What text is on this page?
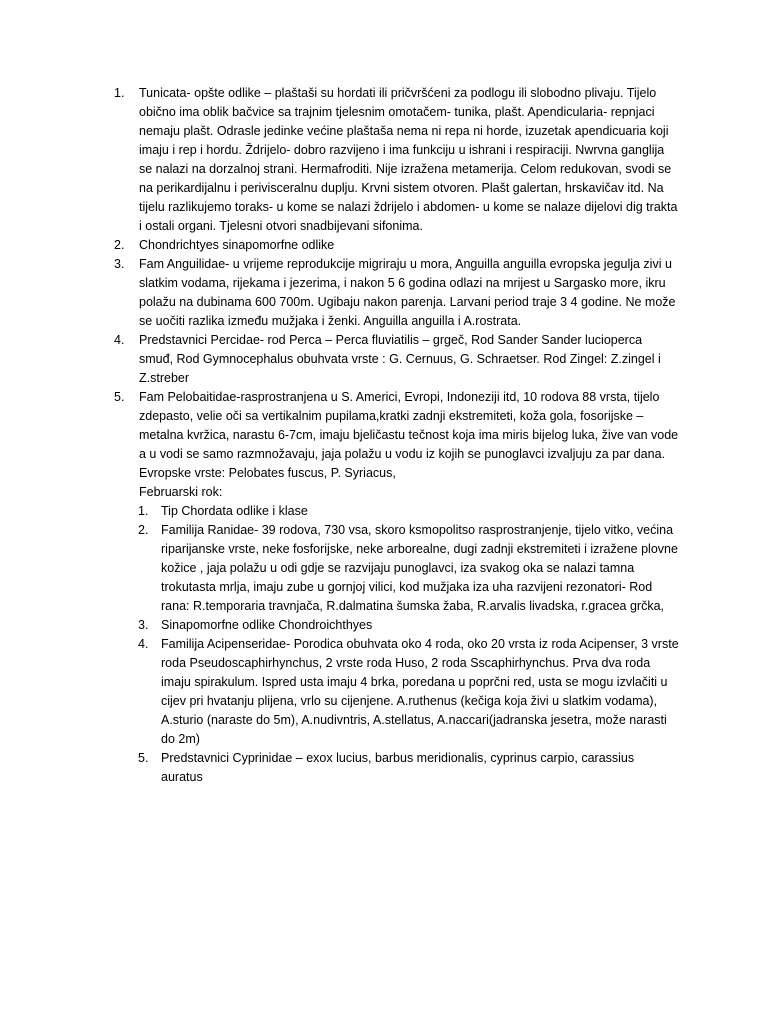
1. Tunicata- opšte odlike – plaštaši su hordati ili pričvršćeni za podlogu ili slobodno plivaju. Tijelo obično ima oblik bačvice sa trajnim tjelesnim omotačem- tunika, plašt. Apendicularia- repnjaci nemaju plašt. Odrasle jedinke većine plaštaša nema ni repa ni horde, izuzetak apendicuaria koji imaju i rep i hordu. Ždrijelo- dobro razvijeno i ima funkciju u ishrani i respiraciji. Nwrvna ganglija se nalazi na dorzalnoj strani. Hermafroditi. Nije izražena metamerija. Celom redukovan, svodi se na perikardijalnu i perivisceralnu duplju. Krvni sistem otvoren. Plašt galertan, hrskavičav itd. Na tijelu razlikujemo toraks- u kome se nalazi ždrijelo i abdomen- u kome se nalaze dijelovi dig trakta i ostali organi. Tjelesni otvori snadbijevani sifonima.
2. Chondrichtyes sinapomorfne odlike
3. Fam Anguilidae- u vrijeme reprodukcije migriraju u mora, Anguilla anguilla evropska jegulja zivi u slatkim vodama, rijekama i jezerima, i nakon 5 6 godina odlazi na mrijest u Sargasko more, ikru polažu na dubinama 600 700m. Ugibaju nakon parenja. Larvani period traje 3 4 godine. Ne može se uočiti razlika između mužjaka i ženki. Anguilla anguilla i A.rostrata.
4. Predstavnici Percidae- rod Perca – Perca fluviatilis – grgeč, Rod Sander Sander lucioperca smuđ, Rod Gymnocephalus obuhvata vrste : G. Cernuus, G. Schraetser. Rod Zingel: Z.zingel i Z.streber
5. Fam Pelobaitidae-rasprostranjena u S. Americi, Evropi, Indoneziji itd, 10 rodova 88 vrsta, tijelo zdepasto, velie oči sa vertikalnim pupilama,kratki zadnji ekstremiteti, koža gola, fosorijske – metalna kvržica, narastu 6-7cm, imaju bjeličastu tečnost koja ima miris bijelog luka, žive van vode a u vodi se samo razmnožavaju, jaja polažu u vodu iz kojih se punoglavci izvaljuju za par dana. Evropske vrste: Pelobates fuscus, P. Syriacus,
Februarski rok:
1. Tip Chordata odlike i klase
2. Familija Ranidae- 39 rodova, 730 vsa, skoro ksmopolitso rasprostranjenje, tijelo vitko, većina riparijanske vrste, neke fosforijske, neke arborealne, dugi zadnji ekstremiteti i izražene plovne kožice , jaja polažu u odi gdje se razvijaju punoglavci, iza svakog oka se nalazi tamna trokutasta mrlja, imaju zube u gornjoj vilici, kod mužjaka iza uha razvijeni rezonatori- Rod rana: R.temporaria travnjača, R.dalmatina šumska žaba, R.arvalis livadska, r.gracea grčka,
3. Sinapomorfne odlike Chondroichthyes
4. Familija Acipenseridae- Porodica obuhvata oko 4 roda, oko 20 vrsta iz roda Acipenser, 3 vrste roda Pseudoscaphirhynchus, 2 vrste roda Huso, 2 roda Sscaphirhynchus. Prva dva roda imaju spirakulum. Ispred usta imaju 4 brka, poredana u poprčni red, usta se mogu izvlačiti u cijev pri hvatanju plijena, vrlo su cijenjene. A.ruthenus (kečiga koja živi u slatkim vodama), A.sturio (naraste do 5m), A.nudivntris, A.stellatus, A.naccari(jadranska jesetra, može narasti do 2m)
5. Predstavnici Cyprinidae – exox lucius, barbus meridionalis, cyprinus carpio, carassius auratus
